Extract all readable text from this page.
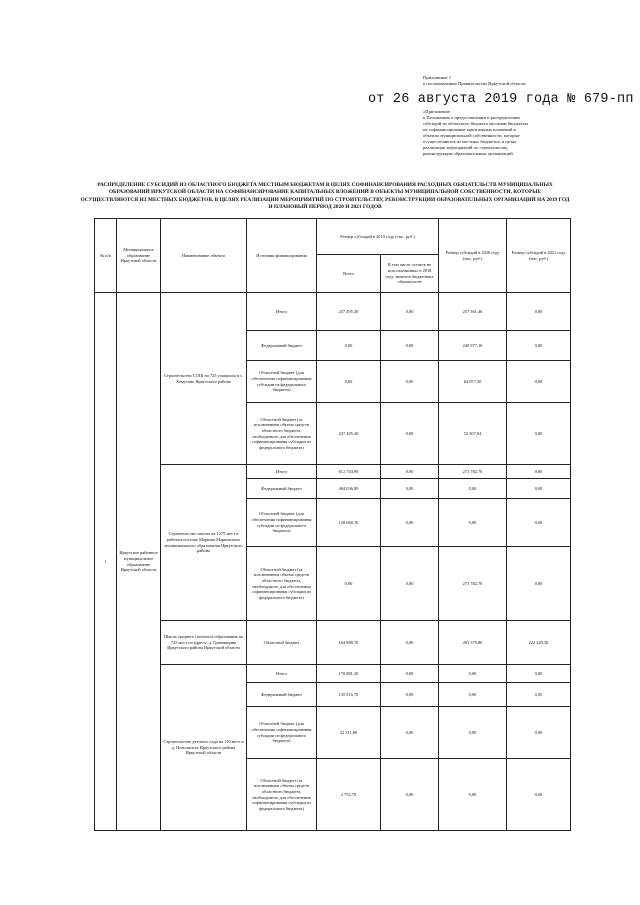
Приложение 1
к постановлению Правительства Иркутской области
«Приложение
к Положению о предоставлении и распределении
субсидий из областного бюджета местным бюджетам
на софинансирование капитальных вложений в
объекты муниципальной собственности, которые
осуществляются из местных бюджетов, в целях
реализации мероприятий по строительству,
реконструкции образовательных организаций
от 26 августа 2019 года № 679-пп
РАСПРЕДЕЛЕНИЕ СУБСИДИЙ ИЗ ОБЛАСТНОГО БЮДЖЕТА МЕСТНЫМ БЮДЖЕТАМ В ЦЕЛЯХ СОФИНАНСИРОВАНИЯ РАСХОДНЫХ ОБЯЗАТЕЛЬСТВ МУНИЦИПАЛЬНЫХ ОБРАЗОВАНИЙ ИРКУТСКОЙ ОБЛАСТИ НА СОФИНАНСИРОВАНИЕ КАПИТАЛЬНЫХ ВЛОЖЕНИЙ В ОБЪЕКТЫ МУНИЦИПАЛЬНОЙ СОБСТВЕННОСТИ, КОТОРЫЕ ОСУЩЕСТВЛЯЮТСЯ ИЗ МЕСТНЫХ БЮДЖЕТОВ, В ЦЕЛЯХ РЕАЛИЗАЦИИ МЕРОПРИЯТИЙ ПО СТРОИТЕЛЬСТВУ, РЕКОНСТРУКЦИИ ОБРАЗОВАТЕЛЬНЫХ ОРГАНИЗАЦИЙ НА 2019 ГОД И ПЛАНОВЫЙ ПЕРИОД 2020 И 2021 ГОДОВ
№ п/п	Муниципальное образование Иркутской области	Наименование объекта	Источник финансирования	Размер субсидий в 2019 году (тыс. руб.)		Размер субсидий в 2020 году (тыс. руб.)	Размер субсидий в 2021 году (тыс. руб.)
				Всего	В том числе остаток не использованных в 2018 году лимитов бюджетных обязательств		
1	Иркутское районное муниципальное образование Иркутской области	Строительство СОШ на 725 учащихся в с. Хомутово Иркутского района	Итого	237 495,30	0,00	257 361,46	0,00
			Федеральный бюджет	0,00	0,00	240 977,10	0,00
			Областной бюджет (для обеспечения софинансирования субсидии из федерального бюджета)	0,00	0,00	64 057,30	0,00
			Областной бюджет (за исключением объема средств областного бюджета, необходимого для обеспечения софинансирования субсидии из федерального бюджета)	237 495,30	0,00	52 307,04	0,00
		Строительство школы на 1275 мест в рабочем поселке Маркова Марковского муниципального образования Иркутского района	Итого	612 704,90	0,00	273 782,70	0,00
			Федеральный бюджет	484 036,80	0,00	0,00	0,00
			Областной бюджет (для обеспечения софинансирования субсидии из федерального бюджета)	128 668,10	0,00	0,00	0,00
			Областной бюджет (за исключением объема средств областного бюджета, необходимого для обеспечения софинансирования субсидии из федерального бюджета)	0,00	0,00	273 782,70	0,00
		Школа среднего (полного) образования на 725 мест по адресу: д. Грановщина Иркутского района Иркутской области	Областной бюджет	164 888,70	0,00	265 579,80	222 220,30
		Строительство детского сада на 110 мест в д. Новолисиха Иркутского района Иркутской области	Итого	170 881,20	0,00	0,00	0,00
			Федеральный бюджет	135 816,70	0,00	0,00	0,00
			Областной бюджет (для обеспечения софинансирования субсидии из федерального бюджета)	32 311,80	0,00	0,00	0,00
			Областной бюджет (за исключением объема средств областного бюджета, необходимого для обеспечения софинансирования субсидии из федерального бюджета)	2 752,70	0,00	0,00	0,00
